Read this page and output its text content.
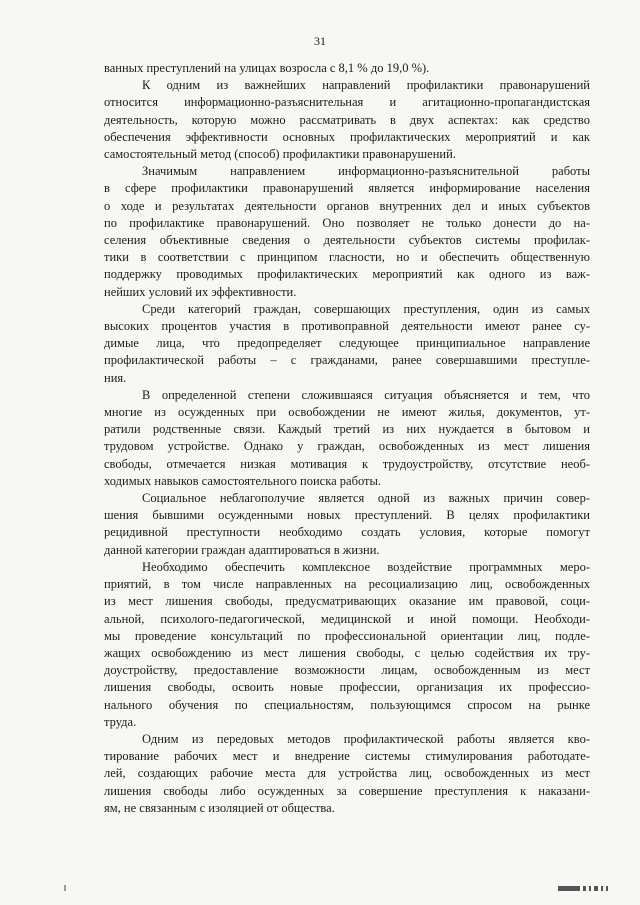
31
ванных преступлений на улицах возросла с 8,1 % до 19,0 %).
К одним из важнейших направлений профилактики правонарушений
относится информационно-разъяснительная и агитационно-пропагандистская
деятельность, которую можно рассматривать в двух аспектах: как средство
обеспечения эффективности основных профилактических мероприятий и как
самостоятельный метод (способ) профилактики правонарушений.
Значимым направлением информационно-разъяснительной работы
в сфере профилактики правонарушений является информирование населения
о ходе и результатах деятельности органов внутренних дел и иных субъектов
по профилактике правонарушений. Оно позволяет не только донести до на-
селения объективные сведения о деятельности субъектов системы профилак-
тики в соответствии с принципом гласности, но и обеспечить общественную
поддержку проводимых профилактических мероприятий как одного из важ-
нейших условий их эффективности.
Среди категорий граждан, совершающих преступления, один из самых
высоких процентов участия в противоправной деятельности имеют ранее су-
димые лица, что предопределяет следующее принципиальное направление
профилактической работы – с гражданами, ранее совершавшими преступле-
ния.
В определенной степени сложившаяся ситуация объясняется и тем, что
многие из осужденных при освобождении не имеют жилья, документов, ут-
ратили родственные связи. Каждый третий из них нуждается в бытовом и
трудовом устройстве. Однако у граждан, освобожденных из мест лишения
свободы, отмечается низкая мотивация к трудоустройству, отсутствие необ-
ходимых навыков самостоятельного поиска работы.
Социальное неблагополучие является одной из важных причин совер-
шения бывшими осужденными новых преступлений. В целях профилактики
рецидивной преступности необходимо создать условия, которые помогут
данной категории граждан адаптироваться в жизни.
Необходимо обеспечить комплексное воздействие программных меро-
приятий, в том числе направленных на ресоциализацию лиц, освобожденных
из мест лишения свободы, предусматривающих оказание им правовой, соци-
альной, психолого-педагогической, медицинской и иной помощи. Необходи-
мы проведение консультаций по профессиональной ориентации лиц, подле-
жащих освобождению из мест лишения свободы, с целью содействия их тру-
доустройству, предоставление возможности лицам, освобожденным из мест
лишения свободы, освоить новые профессии, организация их профессио-
нального обучения по специальностям, пользующимся спросом на рынке
труда.
Одним из передовых методов профилактической работы является кво-
тирование рабочих мест и внедрение системы стимулирования работодате-
лей, создающих рабочие места для устройства лиц, освобожденных из мест
лишения свободы либо осужденных за совершение преступления к наказани-
ям, не связанным с изоляцией от общества.
